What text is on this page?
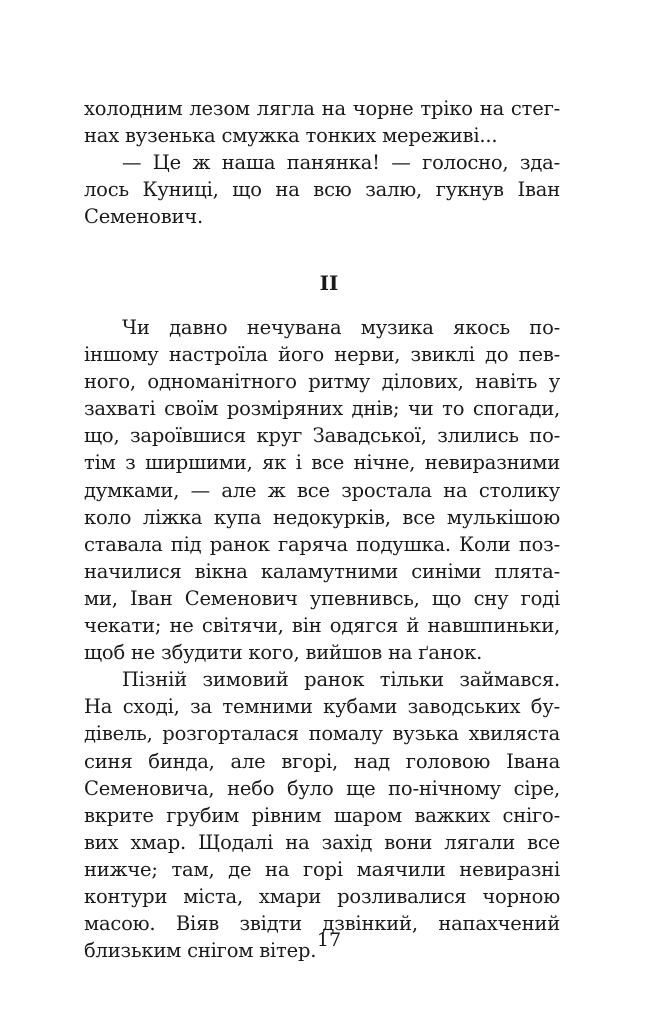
холодним лезом лягла на чорне тріко на стег-
нах вузенька смужка тонких мереживі...
— Це ж наша панянка! — голосно, зда-
лось Куниці, що на всю залю, гукнув Іван
Семенович.
ІІ
Чи давно нечувана музика якось по-
іншому настроїла його нерви, звиклі до пев-
ного, одноманітного ритму ділових, навіть у
захваті своїм розміряних днів; чи то спогади,
що, зароївшися круг Завадської, злились по-
тім з ширшими, як і все нічне, невиразними
думками, — але ж все зростала на столику
коло ліжка купа недокурків, все мулькішою
ставала під ранок гаряча подушка. Коли поз-
начилися вікна каламутними синіми плята-
ми, Іван Семенович упевнивсь, що сну годі
чекати; не світячи, він одягся й навшпиньки,
щоб не збудити кого, вийшов на ґанок.
Пізній зимовий ранок тільки займався.
На сході, за темними кубами заводських бу-
дівель, розгорталася помалу вузька хвиляста
синя бинда, але вгорі, над головою Івана
Семеновича, небо було ще по-нічному сіре,
вкрите грубим рівним шаром важких сніго-
вих хмар. Щодалі на захід вони лягали все
нижче; там, де на горі маячили невиразні
контури міста, хмари розливалися чорною
масою. Віяв звідти дзвінкий, напахчений
близьким снігом вітер. 17
